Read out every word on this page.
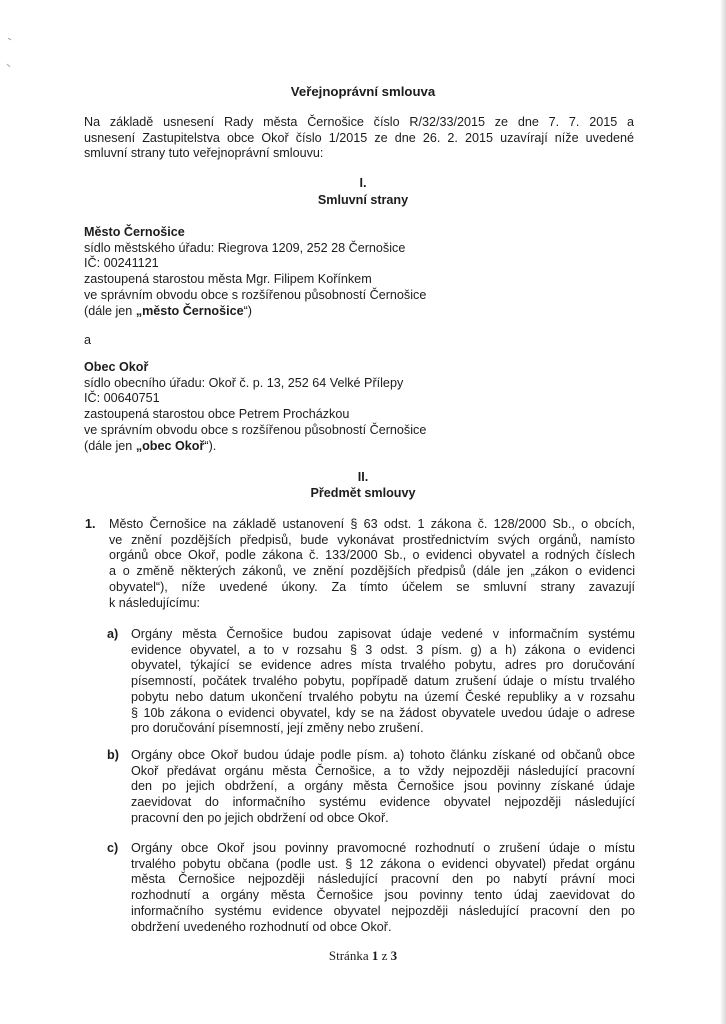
Veřejnoprávní smlouva
Na základě usnesení Rady města Černošice číslo R/32/33/2015 ze dne 7. 7. 2015 a
usnesení Zastupitelstva obce Okoř číslo 1/2015 ze dne 26. 2. 2015 uzavírají níže uvedené
smluvní strany tuto veřejnoprávní smlouvu:
I.
Smluvní strany
Město Černošice
sídlo městského úřadu: Riegrova 1209, 252 28 Černošice
IČ: 00241121
zastoupená starostou města Mgr. Filipem Kořínkem
ve správním obvodu obce s rozšířenou působností Černošice
(dále jen „město Černošice“)
a
Obec Okoř
sídlo obecního úřadu: Okoř č. p. 13, 252 64 Velké Přílepy
IČ: 00640751
zastoupená starostou obce Petrem Procházkou
ve správním obvodu obce s rozšířenou působností Černošice
(dále jen „obec Okoř“).
II.
Předmět smlouvy
1. Město Černošice na základě ustanovení § 63 odst. 1 zákona č. 128/2000 Sb., o obcích,
ve znění pozdějších předpisů, bude vykonávat prostřednictvím svých orgánů, namísto
orgánů obce Okoř, podle zákona č. 133/2000 Sb., o evidenci obyvatel a rodných číslech
a o změně některých zákonů, ve znění pozdějších předpisů (dále jen „zákon o evidenci
obyvatel“), níže uvedené úkony. Za tímto účelem se smluvní strany zavazují
k následujícímu:
a) Orgány města Černošice budou zapisovat údaje vedené v informačním systému
evidence obyvatel, a to v rozsahu § 3 odst. 3 písm. g) a h) zákona o evidenci
obyvatel, týkající se evidence adres místa trvalého pobytu, adres pro doručování
písemností, počátek trvalého pobytu, popřípadě datum zrušení údaje o místu trvalého
pobytu nebo datum ukončení trvalého pobytu na území České republiky a v rozsahu
§ 10b zákona o evidenci obyvatel, kdy se na žádost obyvatele uvedou údaje o adrese
pro doručování písemností, její změny nebo zrušení.
b) Orgány obce Okoř budou údaje podle písm. a) tohoto článku získané od občanů obce
Okoř předávat orgánu města Černošice, a to vždy nejpozději následující pracovní
den po jejich obdržení, a orgány města Černošice jsou povinny získané údaje
zaevidovat do informačního systému evidence obyvatel nejpozději následující
pracovní den po jejich obdržení od obce Okoř.
c) Orgány obce Okoř jsou povinny pravomocné rozhodnutí o zrušení údaje o místu
trvalého pobytu občana (podle ust. § 12 zákona o evidenci obyvatel) předat orgánu
města Černošice nejpozději následující pracovní den po nabytí právní moci
rozhodnutí a orgány města Černošice jsou povinny tento údaj zaevidovat do
informačního systému evidence obyvatel nejpozději následující pracovní den po
obdržení uvedeného rozhodnutí od obce Okoř.
Stránka 1 z 3
